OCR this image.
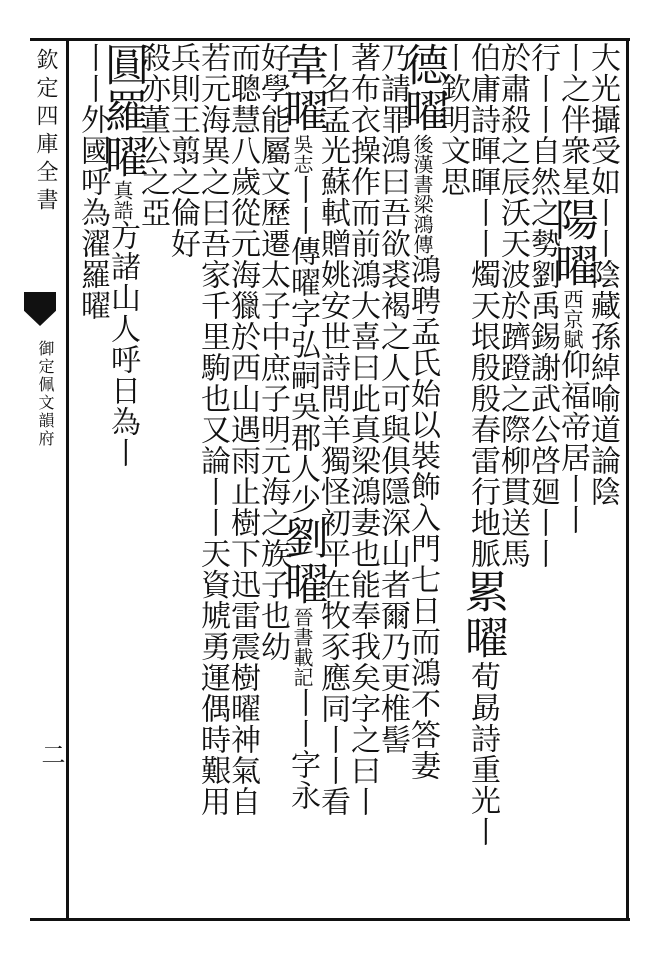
欽定四庫全書
御定佩文韻府
二
大光攝受如丨丨陰藏孫綽喻道論陰
丨之伴衆星陽曜西京賦仰福帝居丨丨
行丨丨自然之勢劉禹錫謝武公啓廻丨丨
於肅殺之辰沃天波於躋蹬之際柳貫送馬
伯庸詩暉暉丨丨燭天垠殷殷春雷行地脈累曜荀勗詩重光丨
丨欽明文思
德曜後漢書梁鴻傳鴻聘孟氏始以裝飾入門七日而鴻不答妻
乃請罪鴻曰吾欲裘褐之人可與俱隱深山者爾乃更椎髻
著布衣操作而前鴻大喜曰此真梁鴻妻也能奉我矣字之曰丨
丨名孟光蘇軾贈姚安世詩問羊獨怪初平在牧豕應同丨丨看
韋曜吳志丨丨傳曜字弘嗣吳郡人少劉曜晉書載記丨丨字永
好學能屬文歷遷太子中庶子明元海之族子也幼
而聰慧八歲從元海獵於西山遇雨止樹下迅雷震樹曜神氣自
若元海異之曰吾家千里駒也又論丨丨天資虓勇運偶時艱用
兵則王翦之倫好
殺亦董公之亞
圓羅曜真誥方諸山人呼日為丨
丨丨外國呼為濯羅曜
